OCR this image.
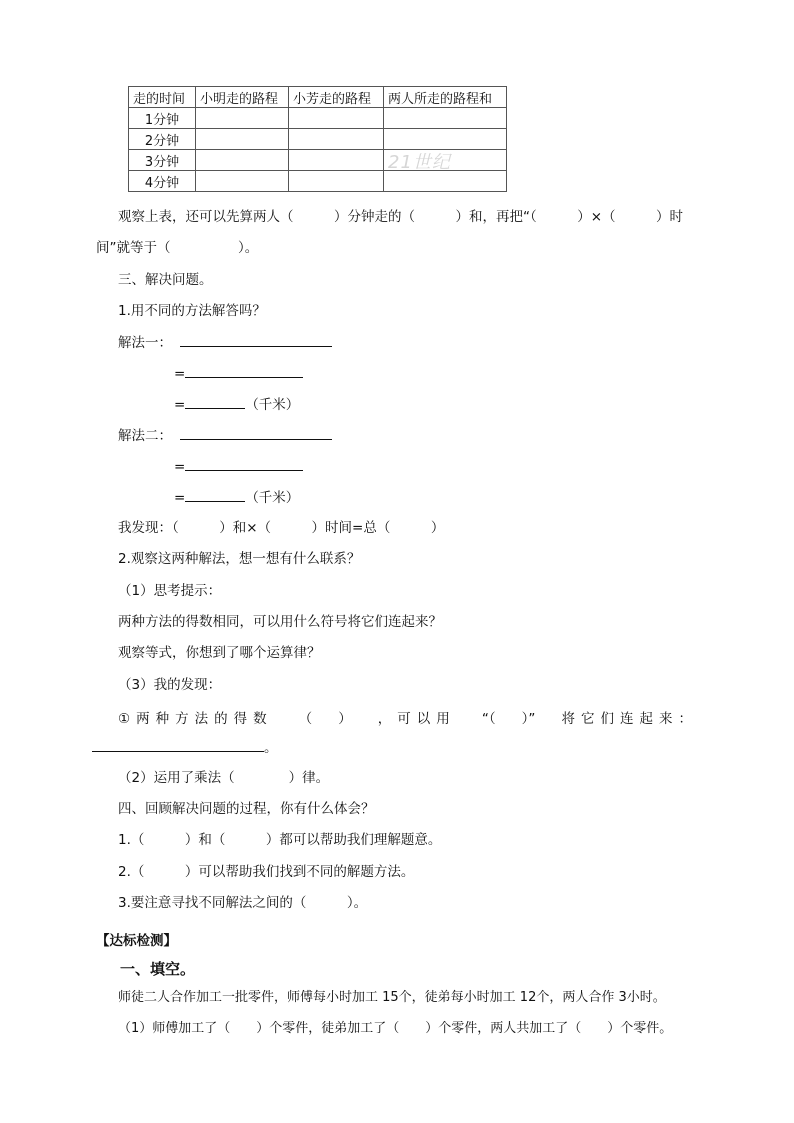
走的时间	小明走的路程	小芳走的路程	两人所走的路程和
1分钟			
2分钟			
3分钟			
4分钟			
21世纪
观察上表，还可以先算两人（　　　）分钟走的（　　　）和，再把“（　　　）×（　　　）时
间”就等于（　　　　　）。
三、解决问题。
1.用不同的方法解答吗？
解法一：
=
=	（千米）
解法二：
=
=	（千米）
我发现：（　　　）和×（　　　）时间=总（　　　）
2.观察这两种解法，想一想有什么联系？
（1）思考提示：
两种方法的得数相同，可以用什么符号将它们连起来？
观察等式，你想到了哪个运算律？
（3）我的发现：
①两种方法的得数 （ ） ，可以用 “（ ）” 将它们连起来：
。
（2）运用了乘法（　　　　）律。
四、回顾解决问题的过程，你有什么体会？
1.（　　　）和（　　　）都可以帮助我们理解题意。
2.（　　　）可以帮助我们找到不同的解题方法。
3.要注意寻找不同解法之间的（　　　）。
【达标检测】
一、填空。
师徒二人合作加工一批零件，师傅每小时加工 15个，徒弟每小时加工 12个，两人合作 3小时。
（1）师傅加工了（　　）个零件，徒弟加工了（　　）个零件，两人共加工了（　　）个零件。
